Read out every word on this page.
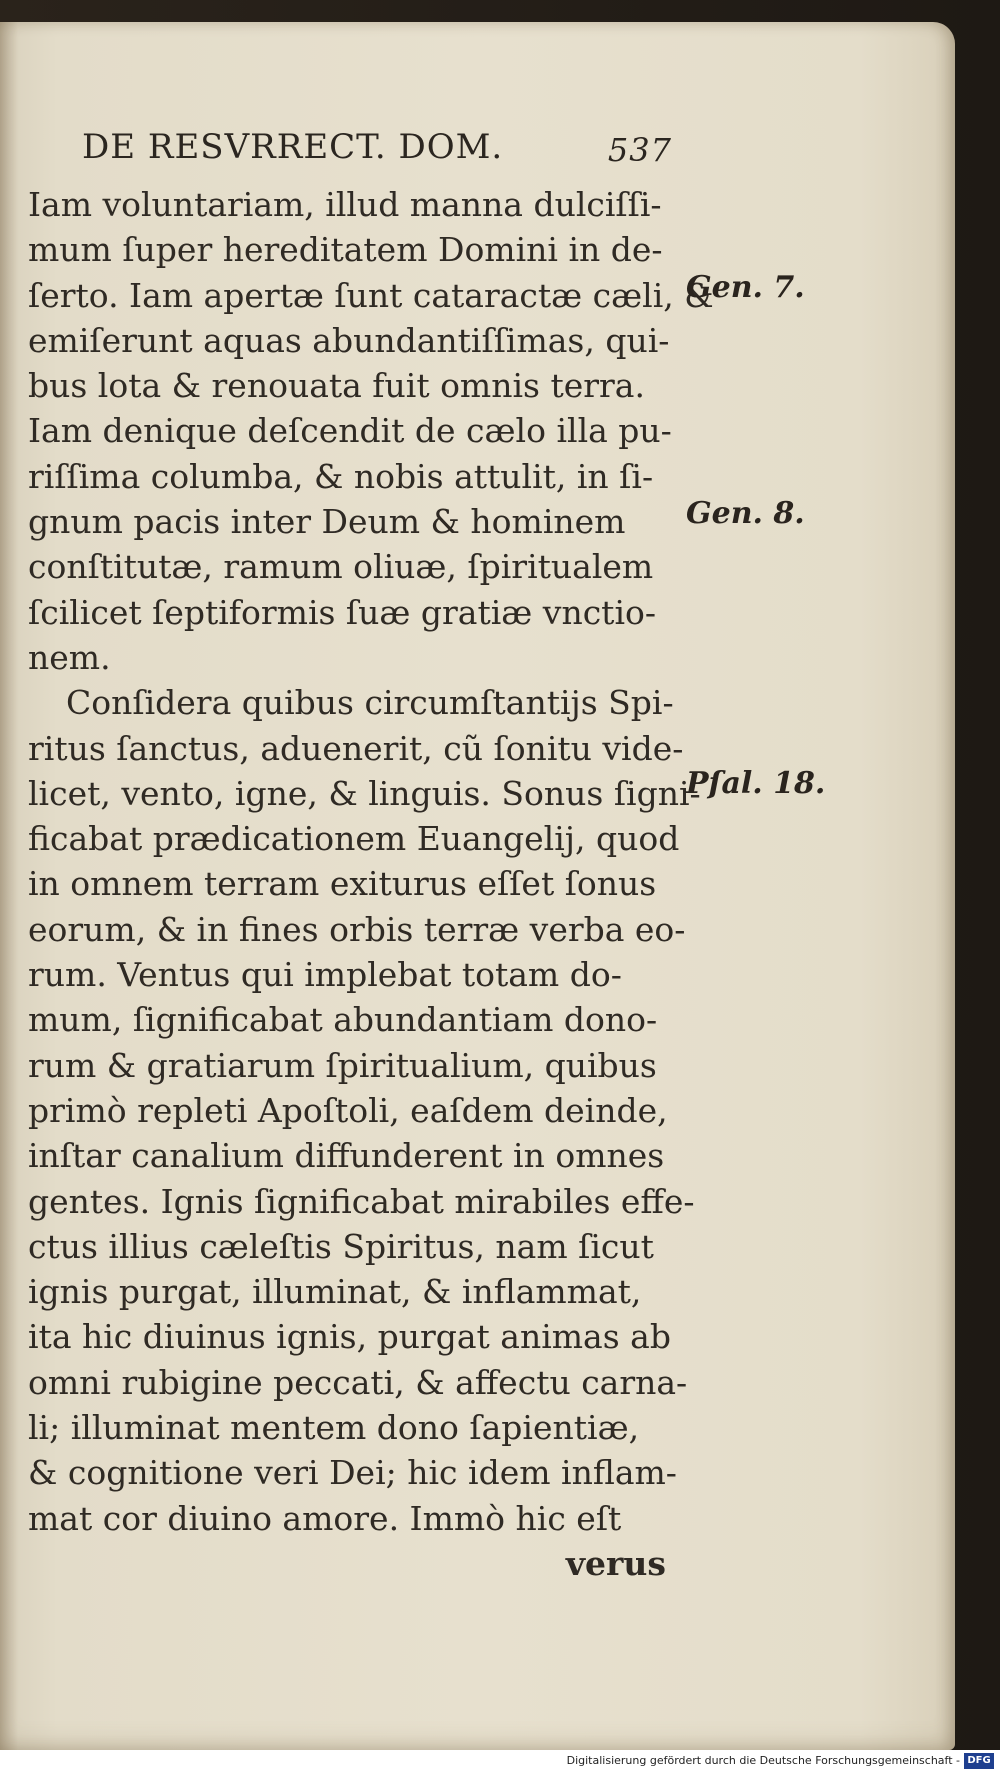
DE RESVRRECT. DOM.	537
Iam voluntariam, illud manna dulciſſi-
mum ſuper hereditatem Domini in de-
ſerto. Iam apertæ ſunt cataractæ cæli, &
emiſerunt aquas abundantiſſimas, qui-
bus lota & renouata fuit omnis terra.
Iam denique deſcendit de cælo illa pu-
riſſima columba, & nobis attulit, in ſi-
gnum pacis inter Deum & hominem
conſtitutæ, ramum oliuæ, ſpiritualem
ſcilicet ſeptiformis ſuæ gratiæ vnctio-
nem.
Conſidera quibus circumſtantijs Spi-
ritus ſanctus, aduenerit, cũ ſonitu vide-
licet, vento, igne, & linguis. Sonus ſigni-
ficabat prædicationem Euangelij, quod
in omnem terram exiturus eſſet ſonus
eorum, & in fines orbis terræ verba eo-
rum. Ventus qui implebat totam do-
mum, ſignificabat abundantiam dono-
rum & gratiarum ſpiritualium, quibus
primò repleti Apoſtoli, eaſdem deinde,
inſtar canalium diffunderent in omnes
gentes. Ignis ſignificabat mirabiles effe-
ctus illius cæleſtis Spiritus, nam ſicut
ignis purgat, illuminat, & inflammat,
ita hic diuinus ignis, purgat animas ab
omni rubigine peccati, & affectu carna-
li; illuminat mentem dono ſapientiæ,
& cognitione veri Dei; hic idem inflam-
mat cor diuino amore. Immò hic eſt
verus
Gen. 7.
Gen. 8.
Pſal. 18.
Digitalisierung gefördert durch die Deutsche Forschungsgemeinschaft - DFG
